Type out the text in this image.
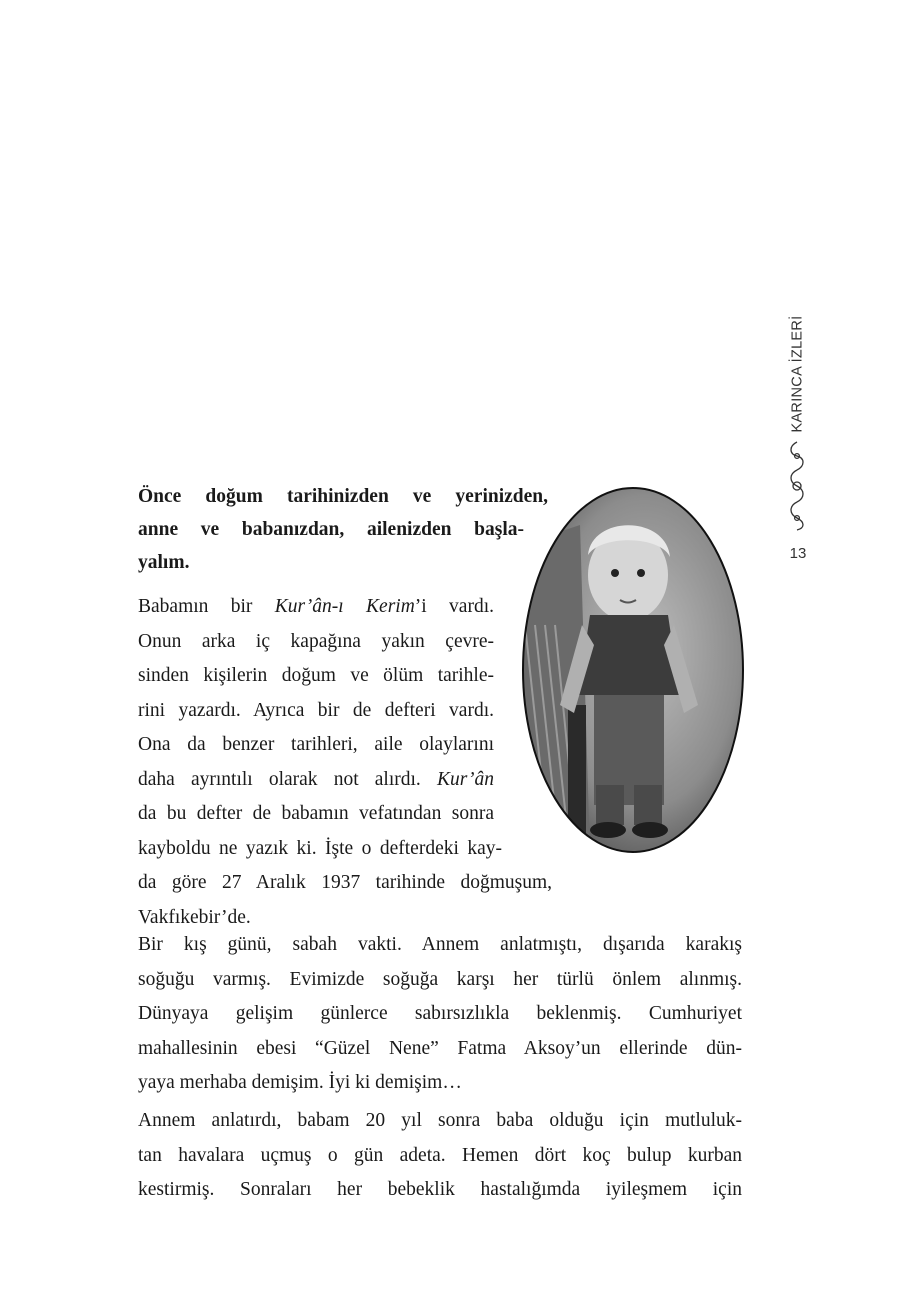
KARINCA İZLERİ
13
Önce doğum tarihinizden ve yerinizden,
anne ve babanızdan, ailenizden başla-
yalım.
Babamın bir Kur’ân-ı Kerim’i vardı.
Onun arka iç kapağına yakın çevre-
sinden kişilerin doğum ve ölüm tarihle-
rini yazardı. Ayrıca bir de defteri vardı.
Ona da benzer tarihleri, aile olaylarını
daha ayrıntılı olarak not alırdı. Kur’ân
da bu defter de babamın vefatından sonra
kayboldu ne yazık ki. İşte o defterdeki kay-
da göre 27 Aralık 1937 tarihinde doğmuşum,
Vakfıkebir’de.
Bir kış günü, sabah vakti. Annem anlatmıştı, dışarıda karakış
soğuğu varmış. Evimizde soğuğa karşı her türlü önlem alınmış.
Dünyaya gelişim günlerce sabırsızlıkla beklenmiş. Cumhuriyet
mahallesinin ebesi “Güzel Nene” Fatma Aksoy’un ellerinde dün-
yaya merhaba demişim. İyi ki demişim…
Annem anlatırdı, babam 20 yıl sonra baba olduğu için mutluluk-
tan havalara uçmuş o gün adeta. Hemen dört koç bulup kurban
kestirmiş. Sonraları her bebeklik hastalığımda iyileşmem için
